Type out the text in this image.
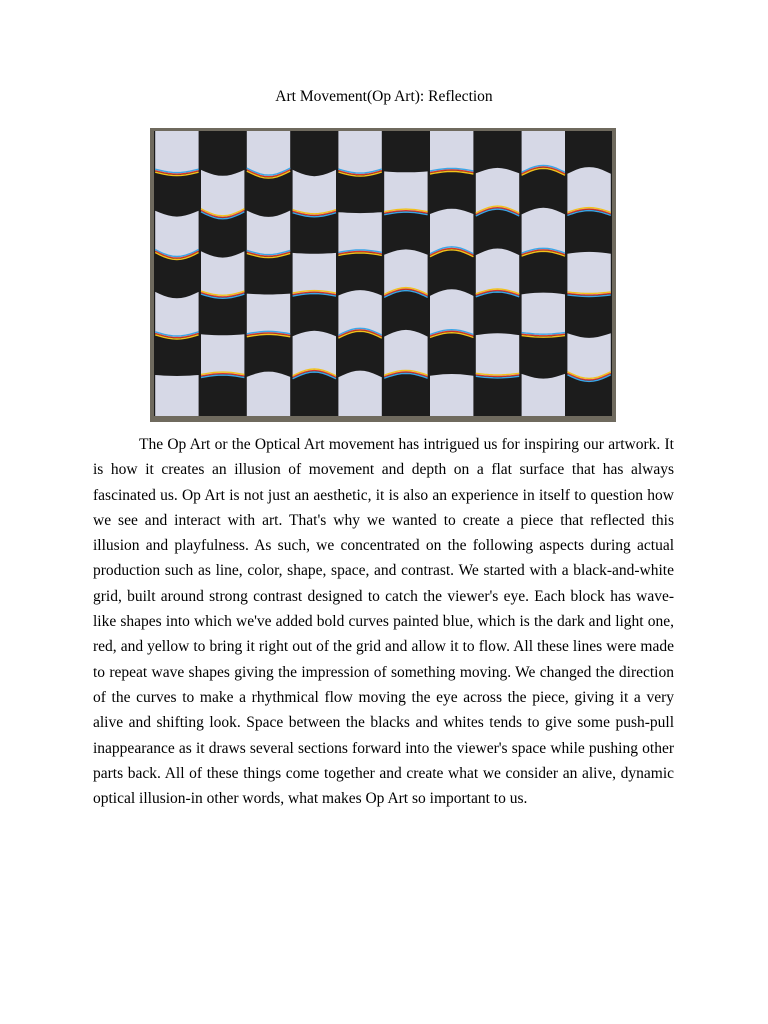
Art Movement(Op Art): Reflection

The Op Art or the Optical Art movement has intrigued us for inspiring our artwork. It is how it creates an illusion of movement and depth on a flat surface that has always fascinated us. Op Art is not just an aesthetic, it is also an experience in itself to question how we see and interact with art. That's why we wanted to create a piece that reflected this illusion and playfulness. As such, we concentrated on the following aspects during actual production such as line, color, shape, space, and contrast. We started with a black-and-white grid, built around strong contrast designed to catch the viewer's eye. Each block has wave-like shapes into which we've added bold curves painted blue, which is the dark and light one, red, and yellow to bring it right out of the grid and allow it to flow. All these lines were made to repeat wave shapes giving the impression of something moving. We changed the direction of the curves to make a rhythmical flow moving the eye across the piece, giving it a very alive and shifting look. Space between the blacks and whites tends to give some push-pull inappearance as it draws several sections forward into the viewer's space while pushing other parts back. All of these things come together and create what we consider an alive, dynamic optical illusion-in other words, what makes Op Art so important to us.
